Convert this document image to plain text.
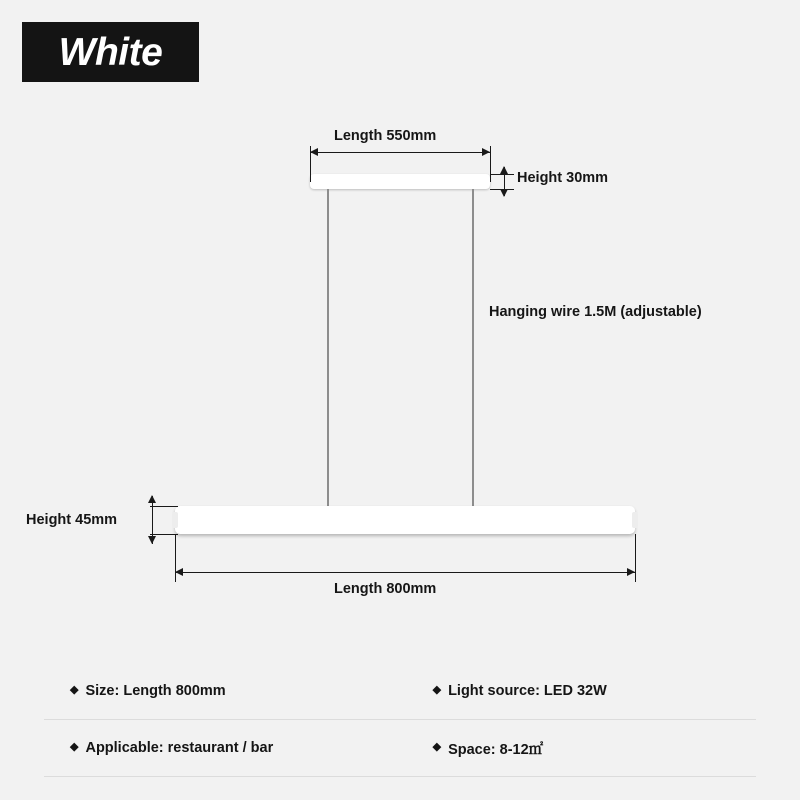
White
Length 550mm
Height 30mm
Hanging wire 1.5M (adjustable)
Height 45mm
Length 800mm
◆ Size: Length 800mm	◆ Light source: LED 32W
◆ Applicable: restaurant / bar	◆ Space: 8-12㎡
